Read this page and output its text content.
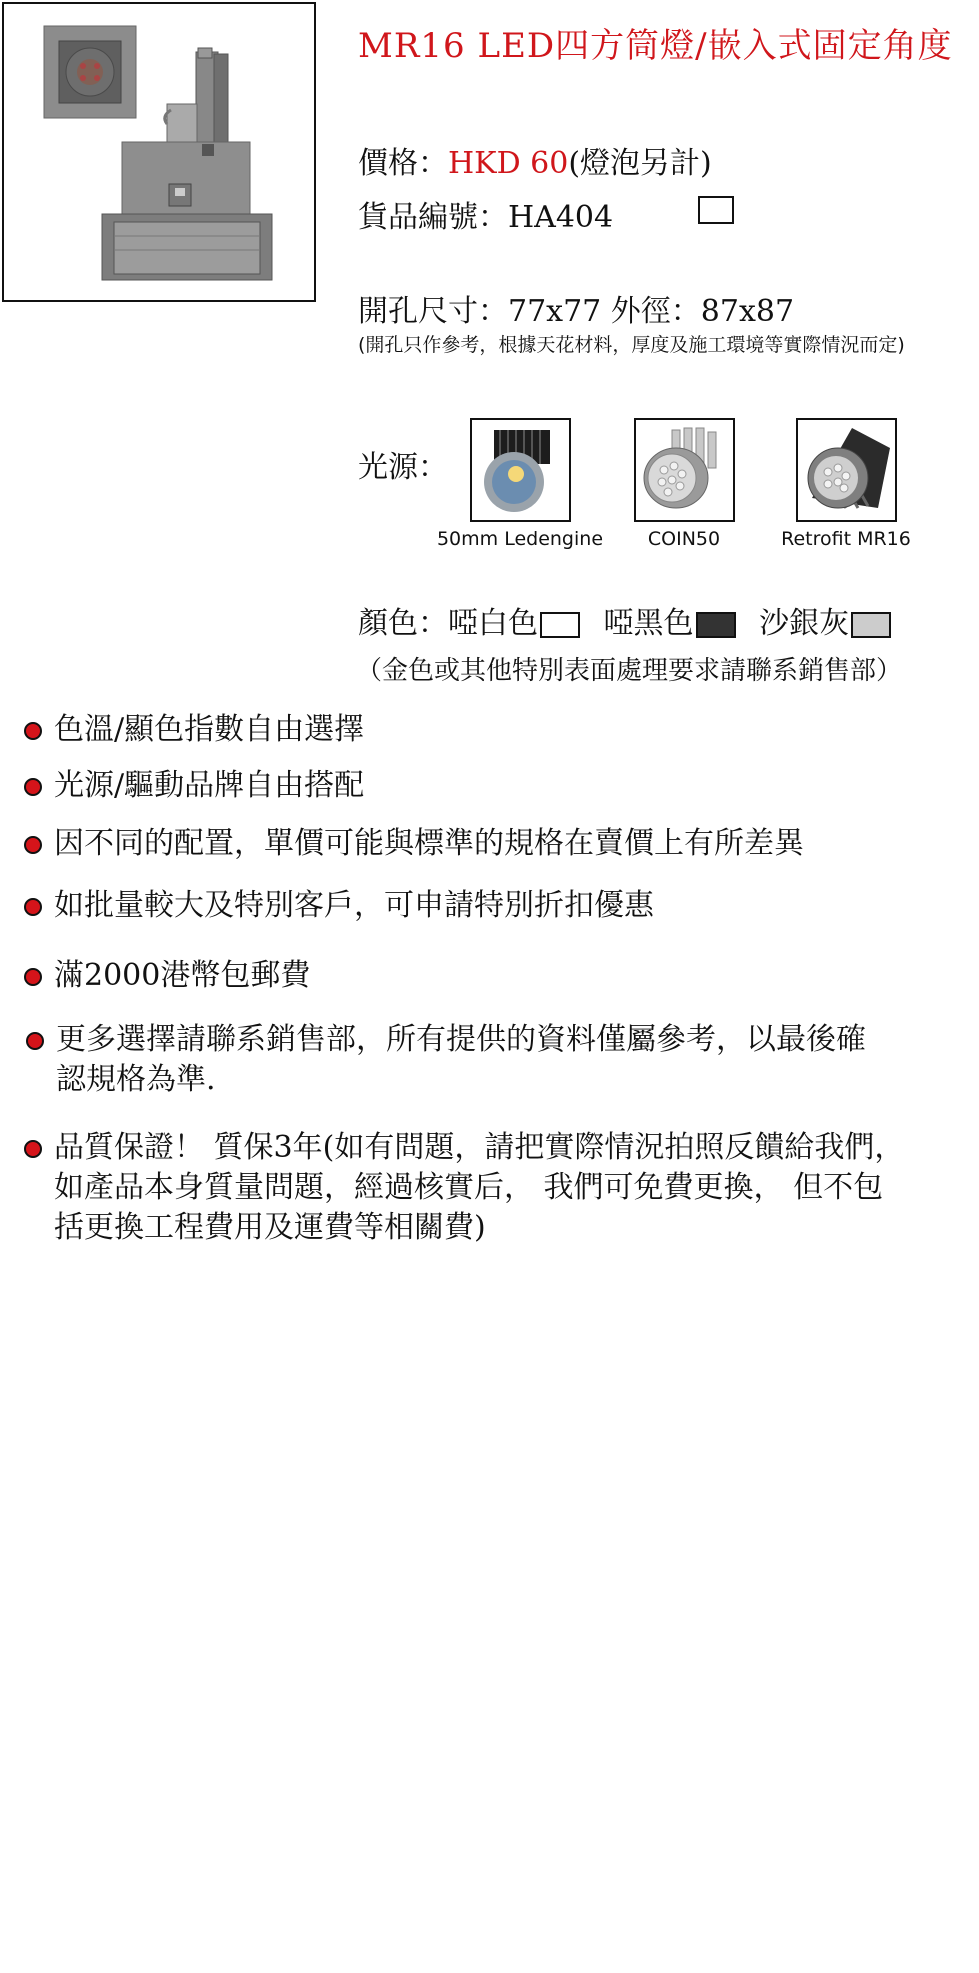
MR16 LED四方筒燈/嵌入式固定角度
價格：HKD 60(燈泡另計)
貨品編號：HA404
開孔尺寸：77x77 外徑：87x87
(開孔只作參考，根據天花材料，厚度及施工環境等實際情況而定)
光源：
50mm Ledengine	COIN50	Retrofit MR16
顏色：啞白色 啞黑色 沙銀灰
（金色或其他特別表面處理要求請聯系銷售部）
色溫/顯色指數自由選擇
光源/驅動品牌自由搭配
因不同的配置，單價可能與標準的規格在賣價上有所差異
如批量較大及特別客戶，可申請特別折扣優惠
滿2000港幣包郵費
更多選擇請聯系銷售部，所有提供的資料僅屬參考，以最後確
認規格為準.
品質保證！ 質保3年(如有問題，請把實際情況拍照反饋給我們，
如產品本身質量問題，經過核實后， 我們可免費更換， 但不包
括更換工程費用及運費等相關費)
